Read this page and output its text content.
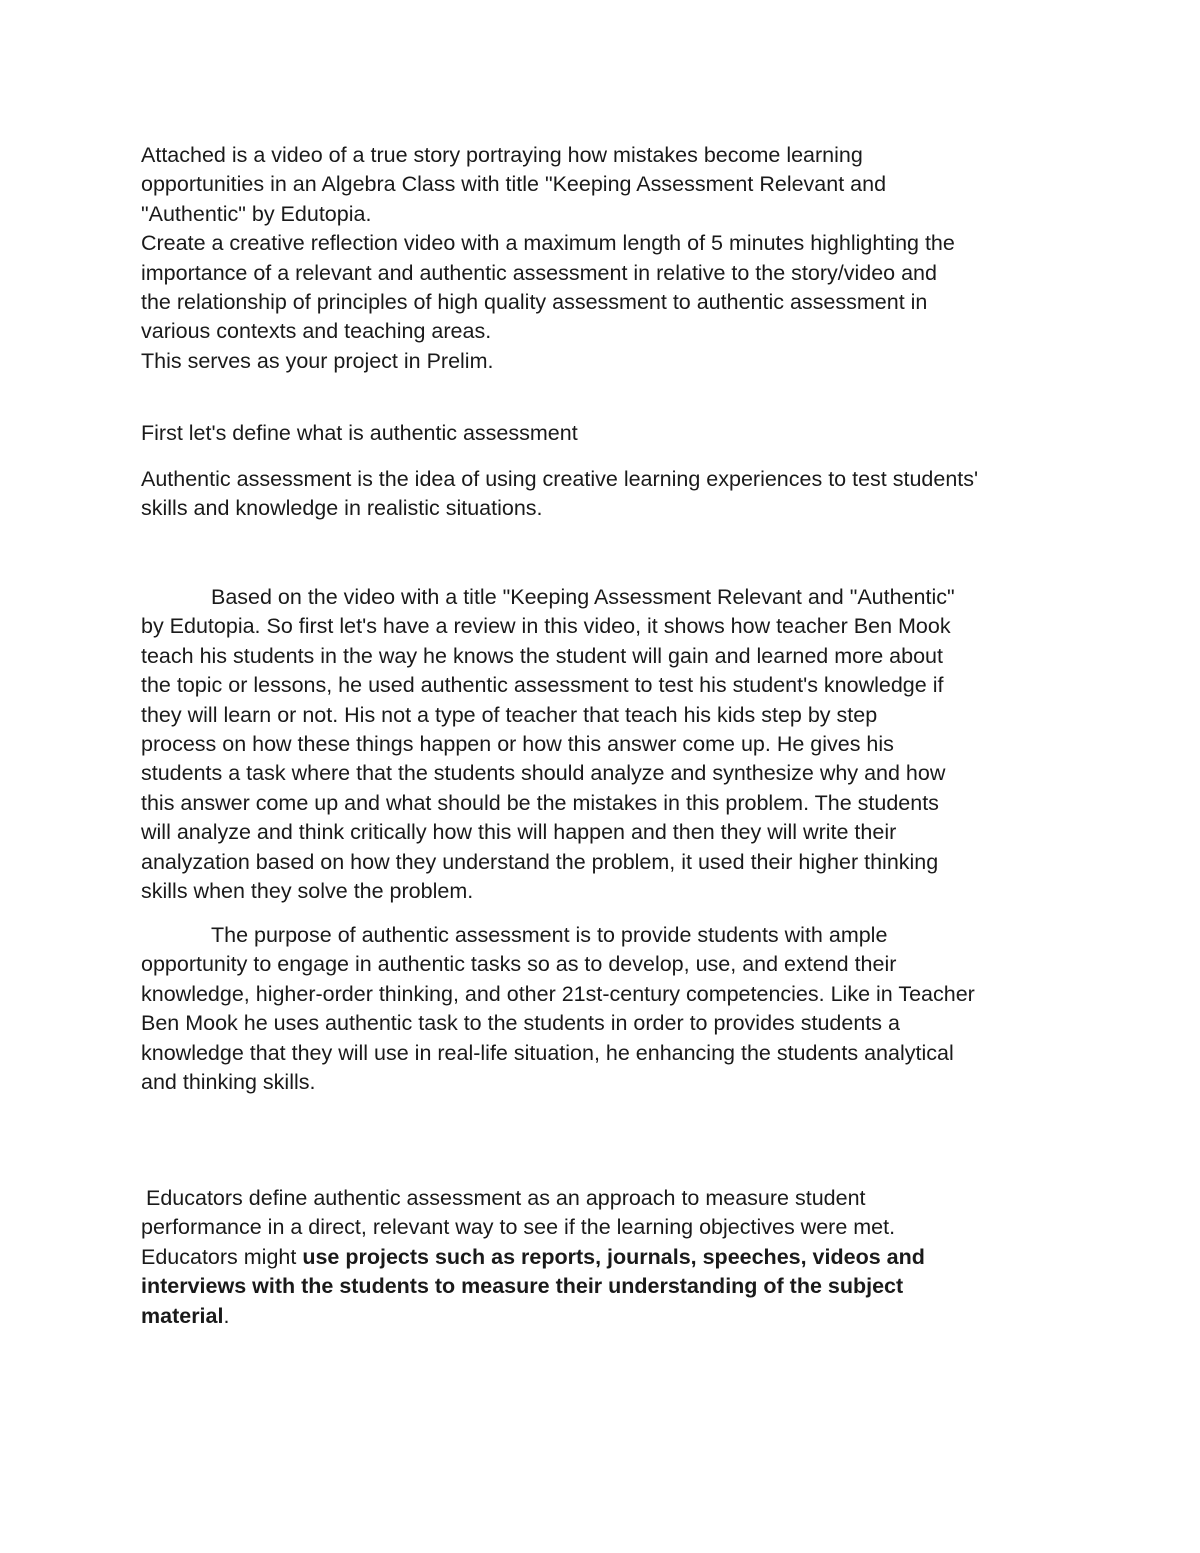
Attached is a video of a true story portraying how mistakes become learning
opportunities in an Algebra Class with title "Keeping Assessment Relevant and
"Authentic" by Edutopia.
Create a creative reflection video with a maximum length of 5 minutes highlighting the
importance of a relevant and authentic assessment in relative to the story/video and
the relationship of principles of high quality assessment to authentic assessment in
various contexts and teaching areas.
This serves as your project in Prelim.

First let's define what is authentic assessment

Authentic assessment is the idea of using creative learning experiences to test students'
skills and knowledge in realistic situations.

Based on the video with a title "Keeping Assessment Relevant and "Authentic"
by Edutopia. So first let's have a review in this video, it shows how teacher Ben Mook
teach his students in the way he knows the student will gain and learned more about
the topic or lessons, he used authentic assessment to test his student's knowledge if
they will learn or not. His not a type of teacher that teach his kids step by step
process on how these things happen or how this answer come up. He gives his
students a task where that the students should analyze and synthesize why and how
this answer come up and what should be the mistakes in this problem. The students
will analyze and think critically how this will happen and then they will write their
analyzation based on how they understand the problem, it used their higher thinking
skills when they solve the problem.

The purpose of authentic assessment is to provide students with ample
opportunity to engage in authentic tasks so as to develop, use, and extend their
knowledge, higher-order thinking, and other 21st-century competencies. Like in Teacher
Ben Mook he uses authentic task to the students in order to provides students a
knowledge that they will use in real-life situation, he enhancing the students analytical
and thinking skills.

Educators define authentic assessment as an approach to measure student
performance in a direct, relevant way to see if the learning objectives were met.
Educators might use projects such as reports, journals, speeches, videos and
interviews with the students to measure their understanding of the subject
material.
